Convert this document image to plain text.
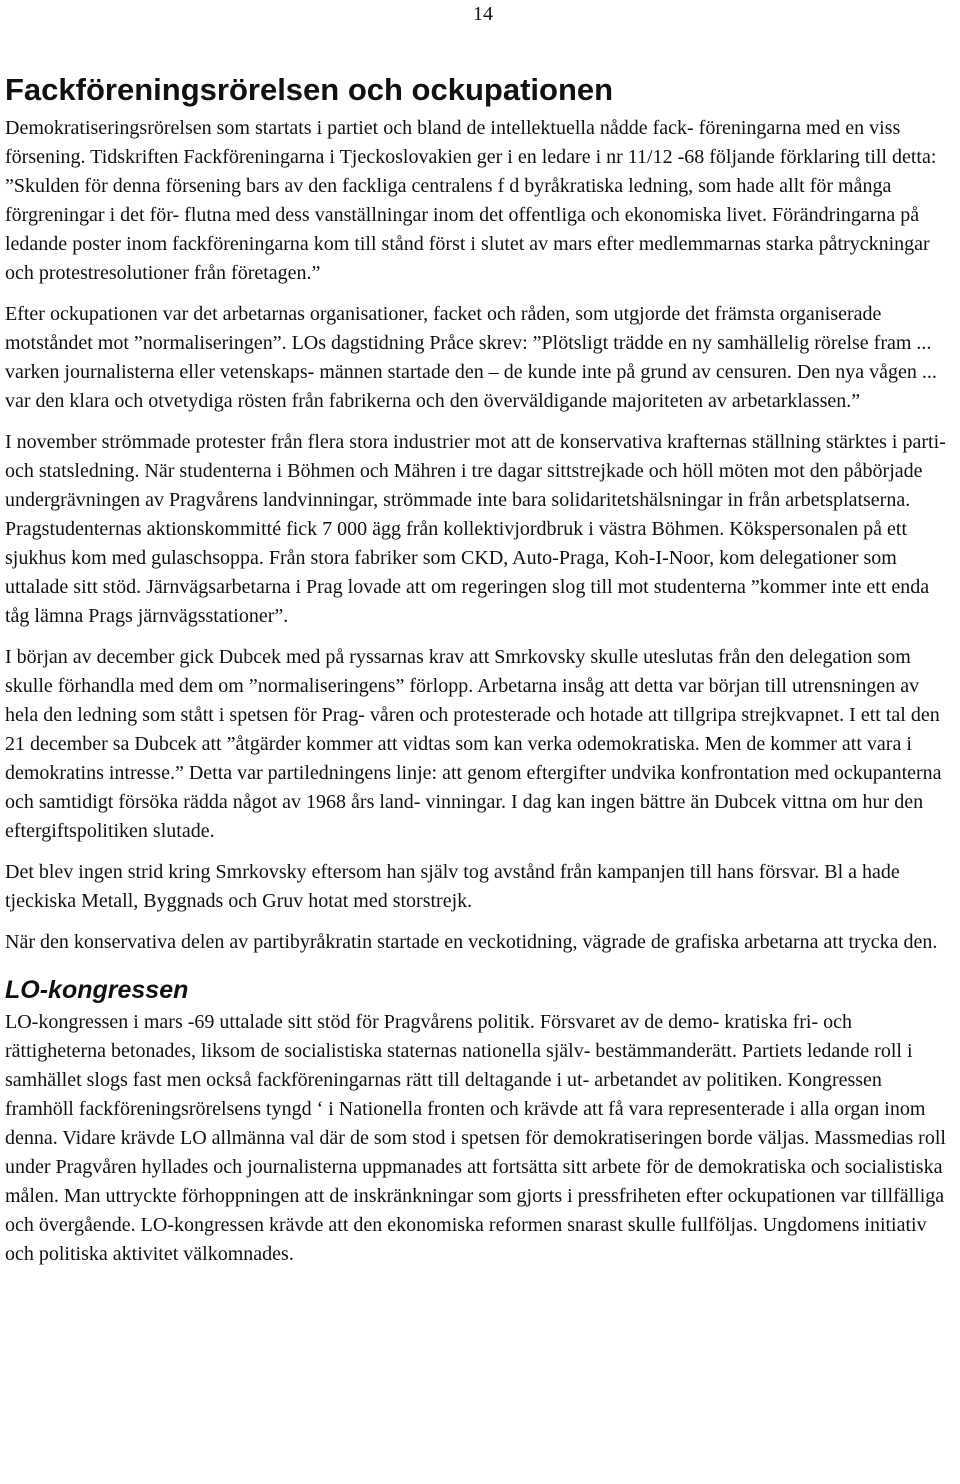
14
Fackföreningsrörelsen och ockupationen

Demokratiseringsrörelsen som startats i partiet och bland de intellektuella nådde fack- föreningarna med en viss försening. Tidskriften Fackföreningarna i Tjeckoslovakien ger i en ledare i nr 11/12 -68 följande förklaring till detta: ”Skulden för denna försening bars av den fackliga centralens f d byråkratiska ledning, som hade allt för många förgreningar i det för- flutna med dess vanställningar inom det offentliga och ekonomiska livet. Förändringarna på ledande poster inom fackföreningarna kom till stånd först i slutet av mars efter medlemmarnas starka påtryckningar och protestresolutioner från företagen.”

Efter ockupationen var det arbetarnas organisationer, facket och råden, som utgjorde det främsta organiserade motståndet mot ”normaliseringen”. LOs dagstidning Pråce skrev: ”Plötsligt trädde en ny samhällelig rörelse fram ... varken journalisterna eller vetenskaps- männen startade den – de kunde inte på grund av censuren. Den nya vågen ... var den klara och otvetydiga rösten från fabrikerna och den överväldigande majoriteten av arbetarklassen.”

I november strömmade protester från flera stora industrier mot att de konservativa krafternas ställning stärktes i parti- och statsledning. När studenterna i Böhmen och Mähren i tre dagar sittstrejkade och höll möten mot den påbörjade undergrävningen av Pragvårens landvinningar, strömmade inte bara solidaritetshälsningar in från arbetsplatserna. Pragstudenternas aktionskommitté fick 7 000 ägg från kollektivjordbruk i västra Böhmen. Kökspersonalen på ett sjukhus kom med gulaschsoppa. Från stora fabriker som CKD, Auto-Praga, Koh-I-Noor, kom delegationer som uttalade sitt stöd. Järnvägsarbetarna i Prag lovade att om regeringen slog till mot studenterna ”kommer inte ett enda tåg lämna Prags järnvägsstationer”.

I början av december gick Dubcek med på ryssarnas krav att Smrkovsky skulle uteslutas från den delegation som skulle förhandla med dem om ”normaliseringens” förlopp. Arbetarna insåg att detta var början till utrensningen av hela den ledning som stått i spetsen för Prag- våren och protesterade och hotade att tillgripa strejkvapnet. I ett tal den 21 december sa Dubcek att ”åtgärder kommer att vidtas som kan verka odemokratiska. Men de kommer att vara i demokratins intresse.” Detta var partiledningens linje: att genom eftergifter undvika konfrontation med ockupanterna och samtidigt försöka rädda något av 1968 års land- vinningar. I dag kan ingen bättre än Dubcek vittna om hur den eftergiftspolitiken slutade.

Det blev ingen strid kring Smrkovsky eftersom han själv tog avstånd från kampanjen till hans försvar. Bl a hade tjeckiska Metall, Byggnads och Gruv hotat med storstrejk.

När den konservativa delen av partibyråkratin startade en veckotidning, vägrade de grafiska arbetarna att trycka den.

LO-kongressen

LO-kongressen i mars -69 uttalade sitt stöd för Pragvårens politik. Försvaret av de demo- kratiska fri- och rättigheterna betonades, liksom de socialistiska staternas nationella själv- bestämmanderätt. Partiets ledande roll i samhället slogs fast men också fackföreningarnas rätt till deltagande i ut- arbetandet av politiken. Kongressen framhöll fackföreningsrörelsens tyngd ‘ i Nationella fronten och krävde att få vara representerade i alla organ inom denna. Vidare krävde LO allmänna val där de som stod i spetsen för demokratiseringen borde väljas. Massmedias roll under Pragvåren hyllades och journalisterna uppmanades att fortsätta sitt arbete för de demokratiska och socialistiska målen. Man uttryckte förhoppningen att de inskränkningar som gjorts i pressfriheten efter ockupationen var tillfälliga och övergående. LO-kongressen krävde att den ekonomiska reformen snarast skulle fullföljas. Ungdomens initiativ och politiska aktivitet välkomnades.
